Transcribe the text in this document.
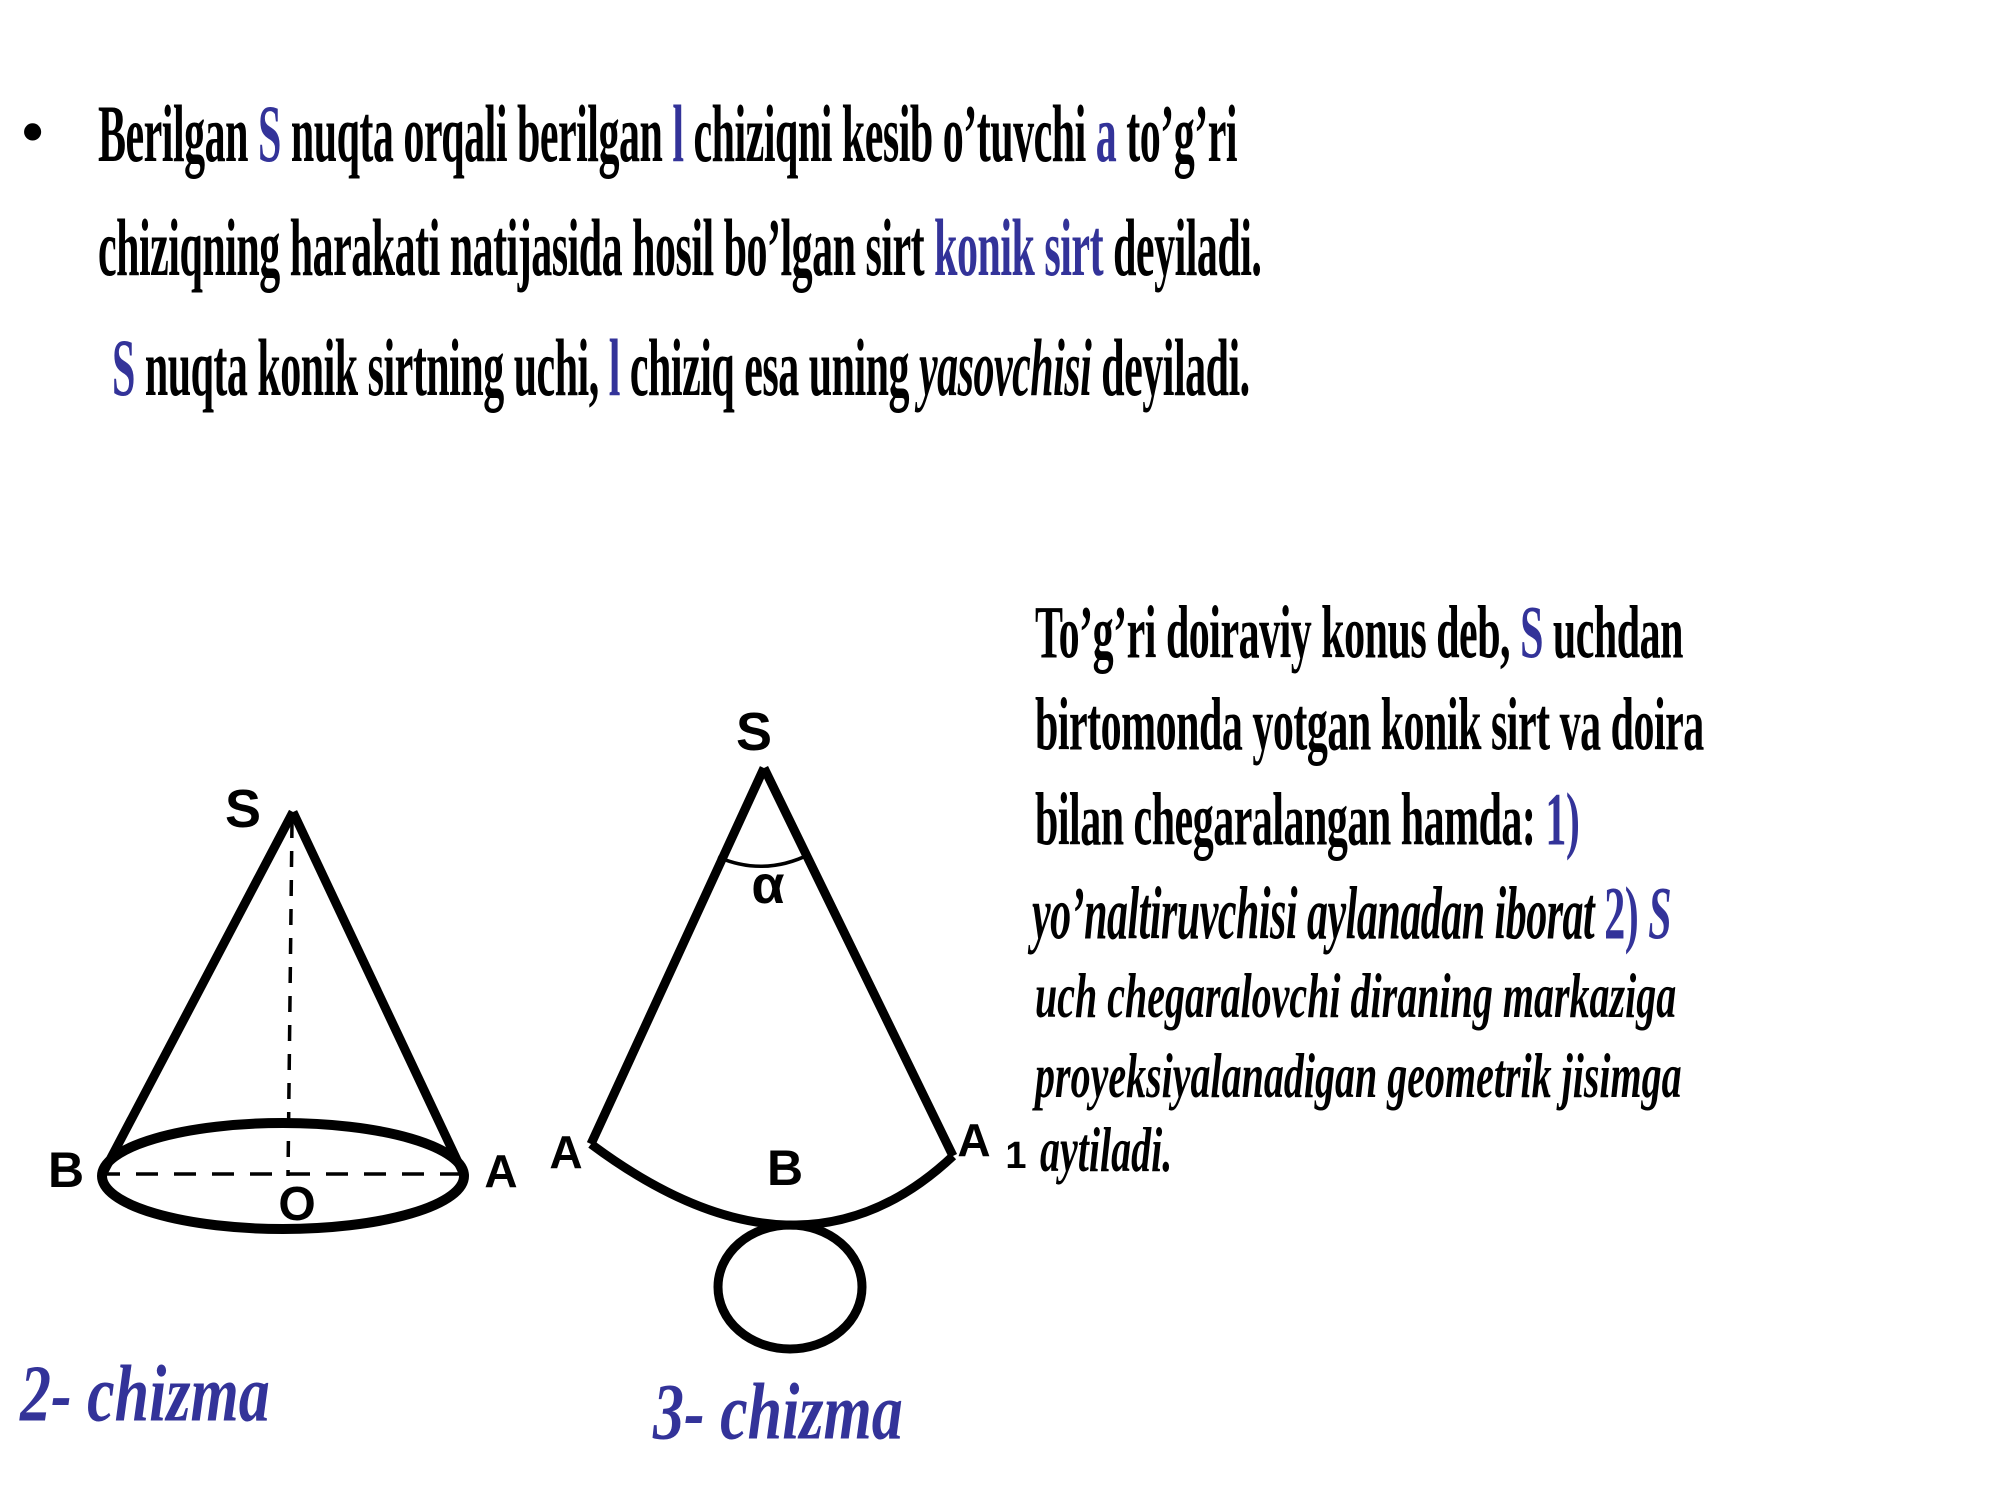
• Berilgan S nuqta orqali berilgan l chiziqni kesib o’tuvchi a to’g’ri
chiziqning harakati natijasida hosil bo’lgan sirt konik sirt deyiladi.
S nuqta konik sirtning uchi, l chiziq esa uning yasovchisi deyiladi.
To’g’ri doiraviy konus deb, S uchdan
birtomonda yotgan konik sirt va doira
bilan chegaralangan hamda: 1)
yo’naltiruvchisi aylanadan iborat 2) S
uch chegaralovchi diraning markaziga
proyeksiyalanadigan geometrik jisimga
aytiladi.
S
B	A
O
S
α
A	B	A 1
2- chizma	3- chizma
